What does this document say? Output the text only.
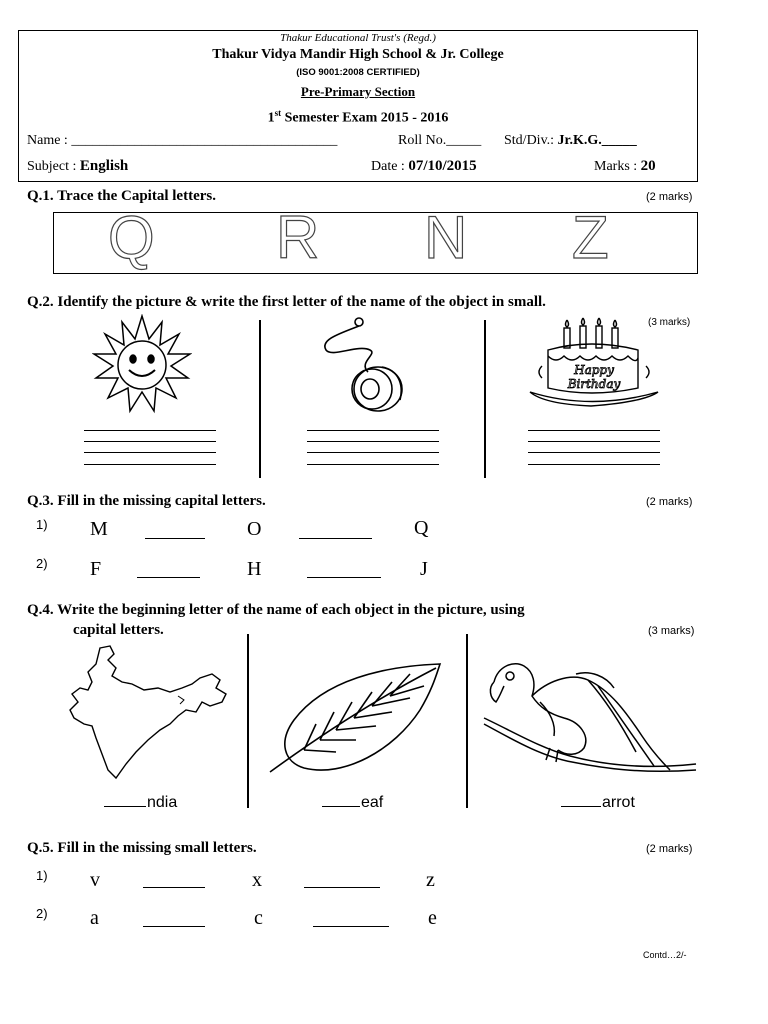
Thakur Educational Trust's (Regd.)
Thakur Vidya Mandir High School & Jr. College
(ISO 9001:2008 CERTIFIED)
Pre-Primary Section
1st Semester Exam 2015 - 2016
Name : ______________________________________	Roll No._____ Std/Div.: Jr.K.G._____
Subject : English	Date : 07/10/2015	Marks : 20
Q.1. Trace the Capital letters.	(2 marks)
Q R N Z
Q.2. Identify the picture & write the first letter of the name of the object in small.
(3 marks)
Happy
Birthday
Q.3. Fill in the missing capital letters.	(2 marks)
1) M	O	Q
2) F	H	J
Q.4. Write the beginning letter of the name of each object in the picture, using
capital letters.	(3 marks)
ndia	eaf	arrot
Q.5. Fill in the missing small letters.	(2 marks)
1) v	x	z
2) a	c	e
Contd…2/-
